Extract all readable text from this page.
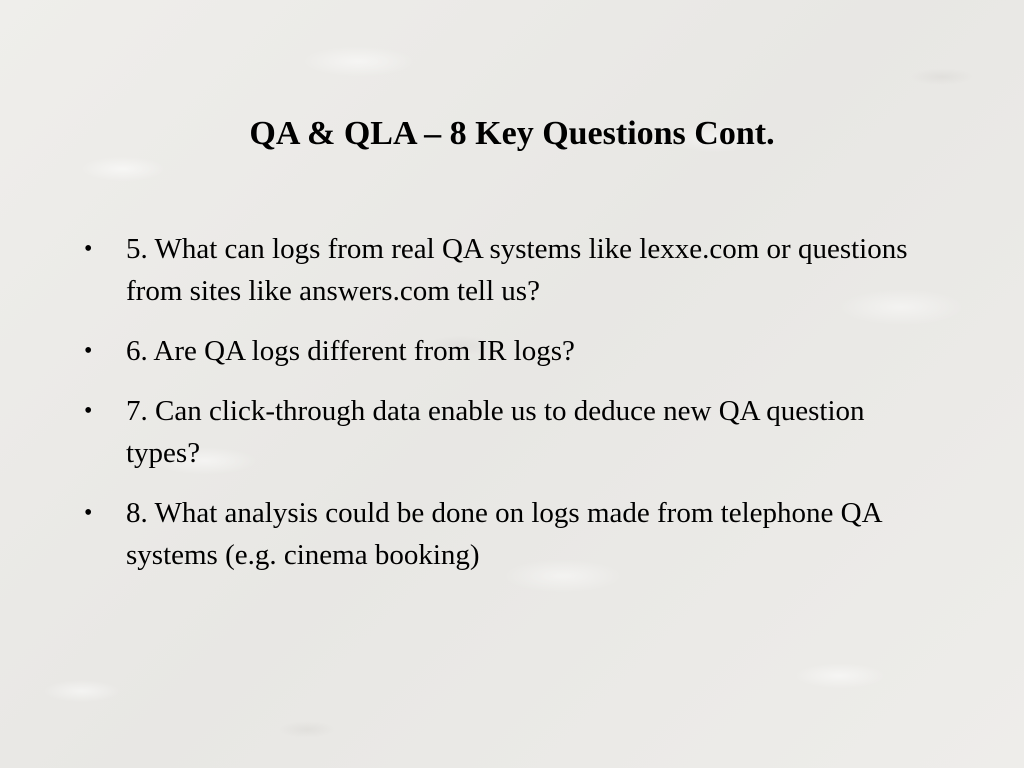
QA & QLA – 8 Key Questions Cont.
• 5. What can logs from real QA systems like lexxe.com or questions from sites like answers.com tell us?
• 6. Are QA logs different from IR logs?
• 7. Can click-through data enable us to deduce new QA question types?
• 8. What analysis could be done on logs made from telephone QA systems (e.g. cinema booking)
